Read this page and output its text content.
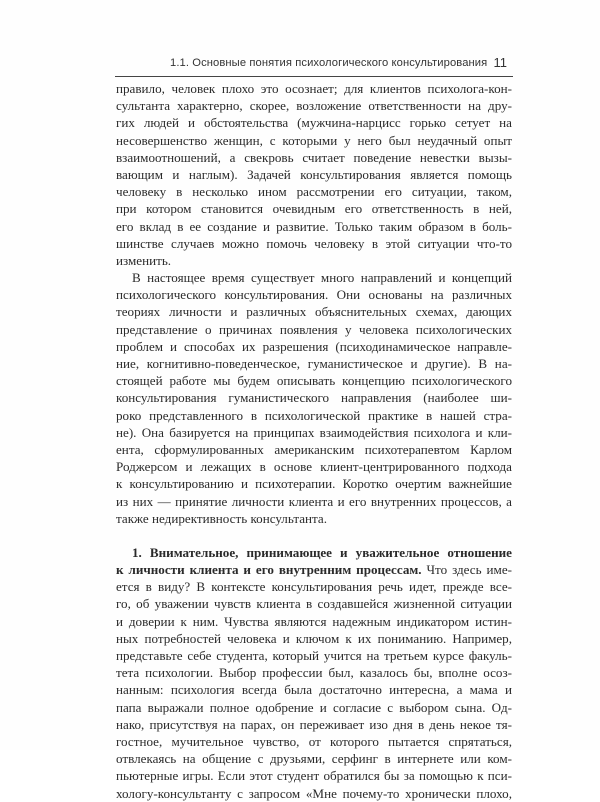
1.1. Основные понятия психологического консультирования 11
правило, человек плохо это осознает; для клиентов психолога-кон-
сультанта характерно, скорее, возложение ответственности на дру-
гих людей и обстоятельства (мужчина-нарцисс горько сетует на
несовершенство женщин, с которыми у него был неудачный опыт
взаимоотношений, а свекровь считает поведение невестки вызы-
вающим и наглым). Задачей консультирования является помощь
человеку в несколько ином рассмотрении его ситуации, таком,
при котором становится очевидным его ответственность в ней,
его вклад в ее создание и развитие. Только таким образом в боль-
шинстве случаев можно помочь человеку в этой ситуации что-то
изменить.
В настоящее время существует много направлений и концепций
психологического консультирования. Они основаны на различных
теориях личности и различных объяснительных схемах, дающих
представление о причинах появления у человека психологических
проблем и способах их разрешения (психодинамическое направле-
ние, когнитивно-поведенческое, гуманистическое и другие). В на-
стоящей работе мы будем описывать концепцию психологического
консультирования гуманистического направления (наиболее ши-
роко представленного в психологической практике в нашей стра-
не). Она базируется на принципах взаимодействия психолога и кли-
ента, сформулированных американским психотерапевтом Карлом
Роджерсом и лежащих в основе клиент-центрированного подхода
к консультированию и психотерапии. Коротко очертим важнейшие
из них — принятие личности клиента и его внутренних процессов, а
также недирективность консультанта.
1. Внимательное, принимающее и уважительное отношение
к личности клиента и его внутренним процессам. Что здесь име-
ется в виду? В контексте консультирования речь идет, прежде все-
го, об уважении чувств клиента в создавшейся жизненной ситуации
и доверии к ним. Чувства являются надежным индикатором истин-
ных потребностей человека и ключом к их пониманию. Например,
представьте себе студента, который учится на третьем курсе факуль-
тета психологии. Выбор профессии был, казалось бы, вполне осоз-
нанным: психология всегда была достаточно интересна, а мама и
папа выражали полное одобрение и согласие с выбором сына. Од-
нако, присутствуя на парах, он переживает изо дня в день некое тя-
гостное, мучительное чувство, от которого пытается спрятаться,
отвлекаясь на общение с друзьями, серфинг в интернете или ком-
пьютерные игры. Если этот студент обратился бы за помощью к пси-
хологу-консультанту с запросом «Мне почему-то хронически плохо,
